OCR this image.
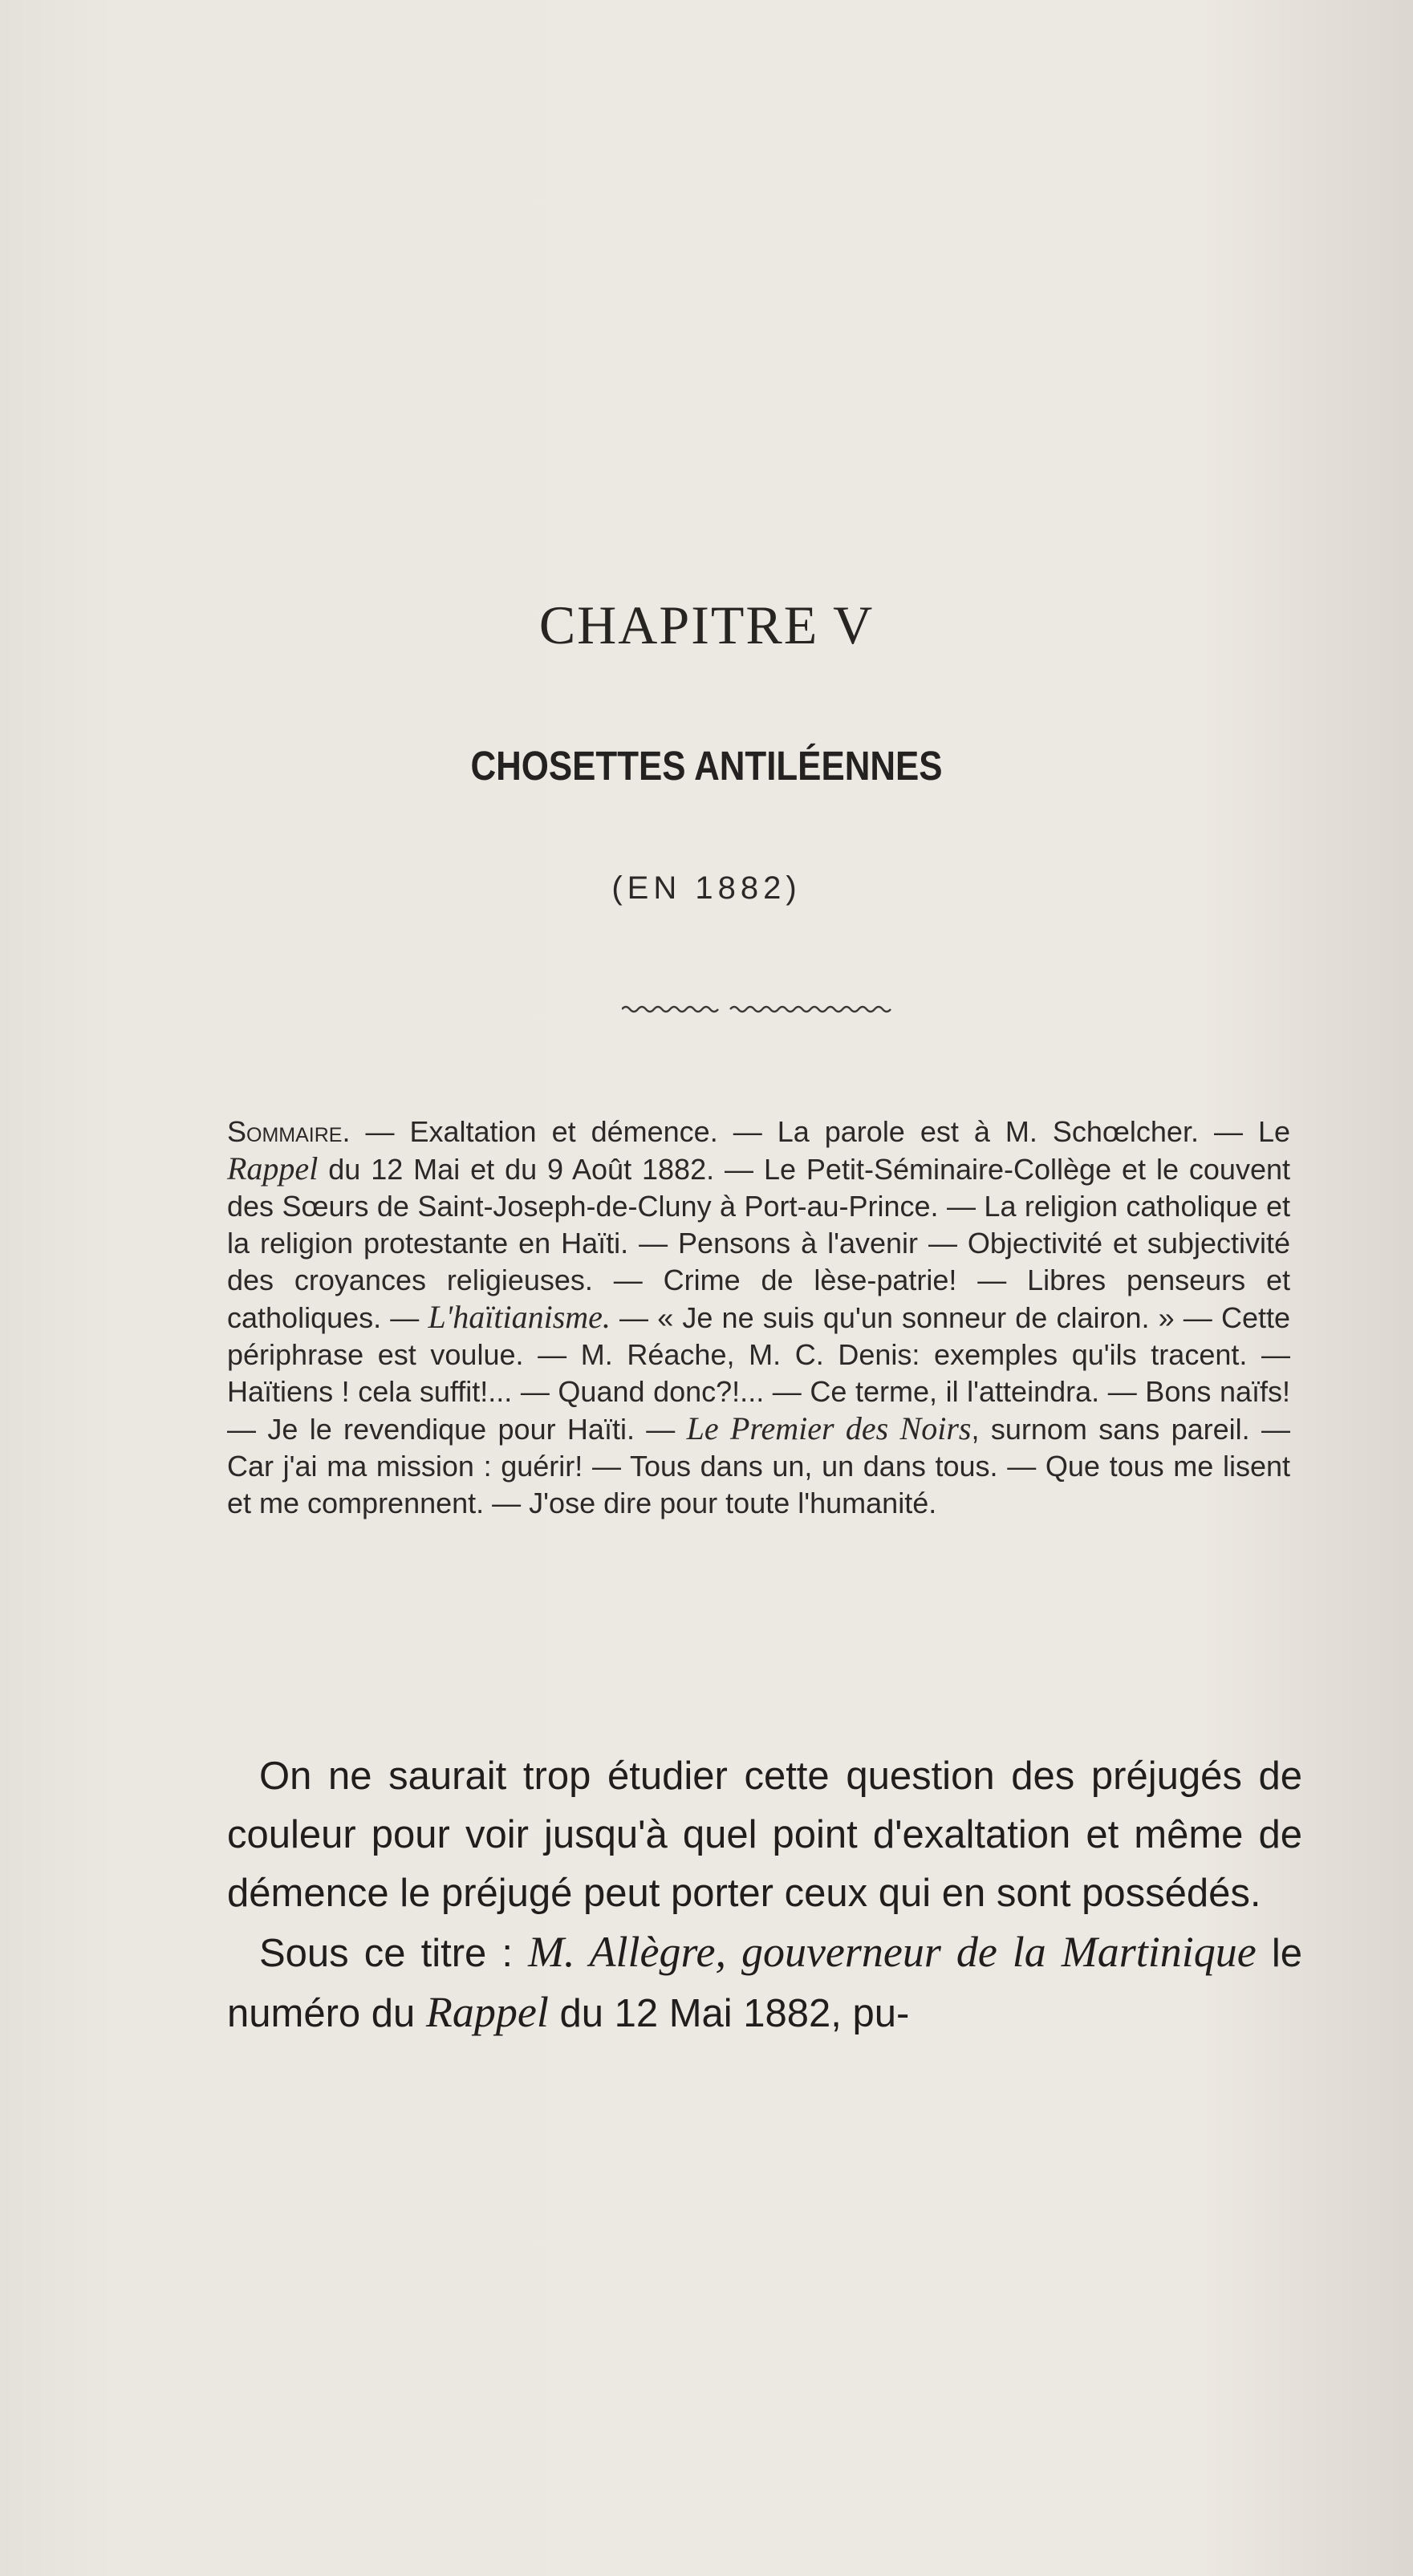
CHAPITRE V
CHOSETTES ANTILÉENNES
(EN 1882)
Sommaire. — Exaltation et démence. — La parole est à M. Schœlcher. — Le Rappel du 12 Mai et du 9 Août 1882. — Le Petit-Séminaire-Collège et le couvent des Sœurs de Saint-Joseph-de-Cluny à Port-au-Prince. — La religion catholique et la religion protestante en Haïti. — Pensons à l'avenir — Objectivité et subjectivité des croyances religieuses. — Crime de lèse-patrie! — Libres penseurs et catholiques. — L'haïtianisme. — « Je ne suis qu'un sonneur de clairon. » — Cette périphrase est voulue. — M. Réache, M. C. Denis: exemples qu'ils tracent. — Haïtiens ! cela suffit!... — Quand donc?!... — Ce terme, il l'atteindra. — Bons naïfs! — Je le revendique pour Haïti. — Le Premier des Noirs, surnom sans pareil. — Car j'ai ma mission : guérir! — Tous dans un, un dans tous. — Que tous me lisent et me comprennent. — J'ose dire pour toute l'humanité.

On ne saurait trop étudier cette question des préjugés de couleur pour voir jusqu'à quel point d'exaltation et même de démence le préjugé peut porter ceux qui en sont possédés.

Sous ce titre : M. Allègre, gouverneur de la Martinique le numéro du Rappel du 12 Mai 1882, pu-
